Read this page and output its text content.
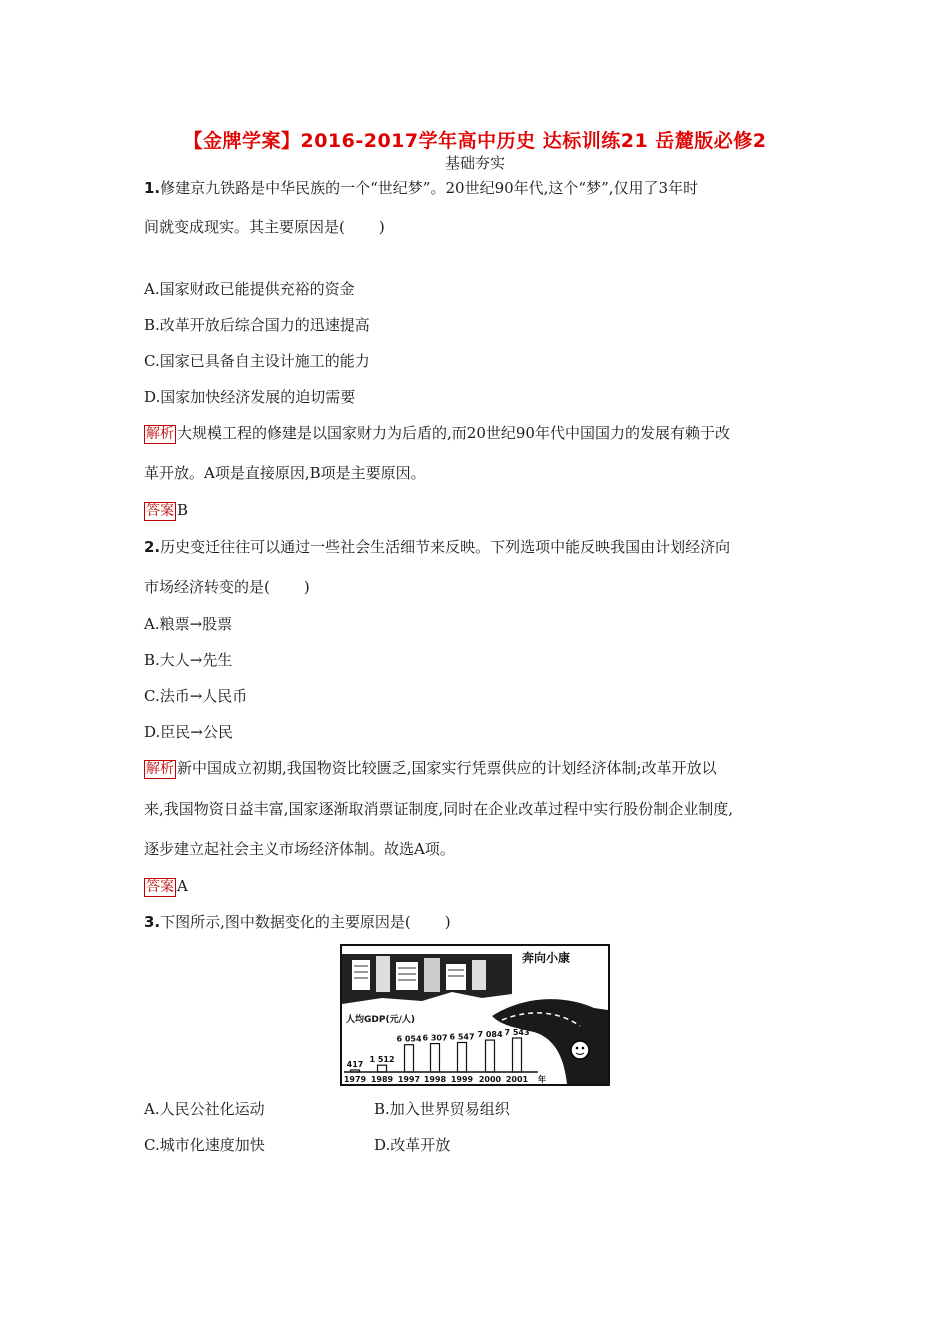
【金牌学案】2016-2017学年高中历史 达标训练21 岳麓版必修2
基础夯实
1.修建京九铁路是中华民族的一个“世纪梦”。20世纪90年代,这个“梦”,仅用了3年时
间就变成现实。其主要原因是( )
A.国家财政已能提供充裕的资金
B.改革开放后综合国力的迅速提高
C.国家已具备自主设计施工的能力
D.国家加快经济发展的迫切需要
解析 大规模工程的修建是以国家财力为后盾的,而20世纪90年代中国国力的发展有赖于改
革开放。A项是直接原因,B项是主要原因。
答案 B
2.历史变迁往往可以通过一些社会生活细节来反映。下列选项中能反映我国由计划经济向
市场经济转变的是( )
A.粮票→股票
B.大人→先生
C.法币→人民币
D.臣民→公民
解析 新中国成立初期,我国物资比较匮乏,国家实行凭票供应的计划经济体制;改革开放以
来,我国物资日益丰富,国家逐渐取消票证制度,同时在企业改革过程中实行股份制企业制度,
逐步建立起社会主义市场经济体制。故选A项。
答案 A
3.下图所示,图中数据变化的主要原因是( )
417
1979
1 512
1989
6 054
1997
6 307
1998
6 547
1999
7 084
2000
7 543
2001 年
奔向小康
人均GDP(元/人)
A.人民公社化运动	B.加入世界贸易组织
C.城市化速度加快	D.改革开放
